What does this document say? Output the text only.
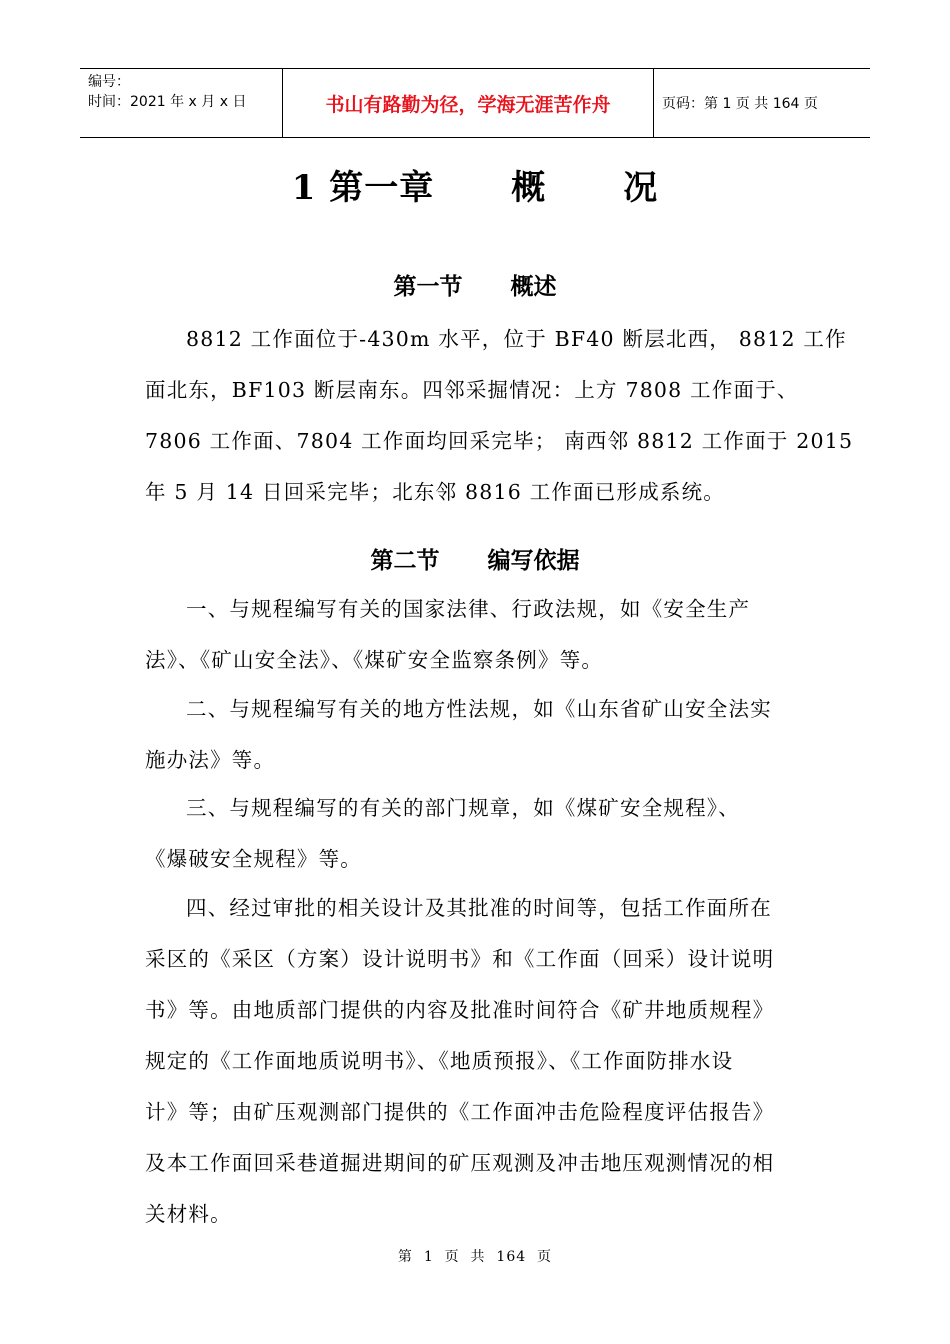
编号：
时间：2021 年 x 月 x 日	书山有路勤为径，学海无涯苦作舟	页码：第 1 页 共 164 页
1 第一章      概      况
第一节      概述

8812 工作面位于-430m 水平，位于 BF40 断层北西， 8812 工作
面北东，BF103 断层南东。四邻采掘情况：上方 7808 工作面于、
7806 工作面、7804 工作面均回采完毕； 南西邻 8812 工作面于 2015
年 5 月 14 日回采完毕；北东邻 8816 工作面已形成系统。

第二节      编写依据

一、与规程编写有关的国家法律、行政法规，如《安全生产
法》、《矿山安全法》、《煤矿安全监察条例》等。

二、与规程编写有关的地方性法规，如《山东省矿山安全法实
施办法》等。

三、与规程编写的有关的部门规章，如《煤矿安全规程》、
《爆破安全规程》等。

四、经过审批的相关设计及其批准的时间等，包括工作面所在
采区的《采区（方案）设计说明书》和《工作面（回采）设计说明
书》等。由地质部门提供的内容及批准时间符合《矿井地质规程》
规定的《工作面地质说明书》、《地质预报》、《工作面防排水设
计》等；由矿压观测部门提供的《工作面冲击危险程度评估报告》
及本工作面回采巷道掘进期间的矿压观测及冲击地压观测情况的相
关材料。

第  1  页  共  164  页
